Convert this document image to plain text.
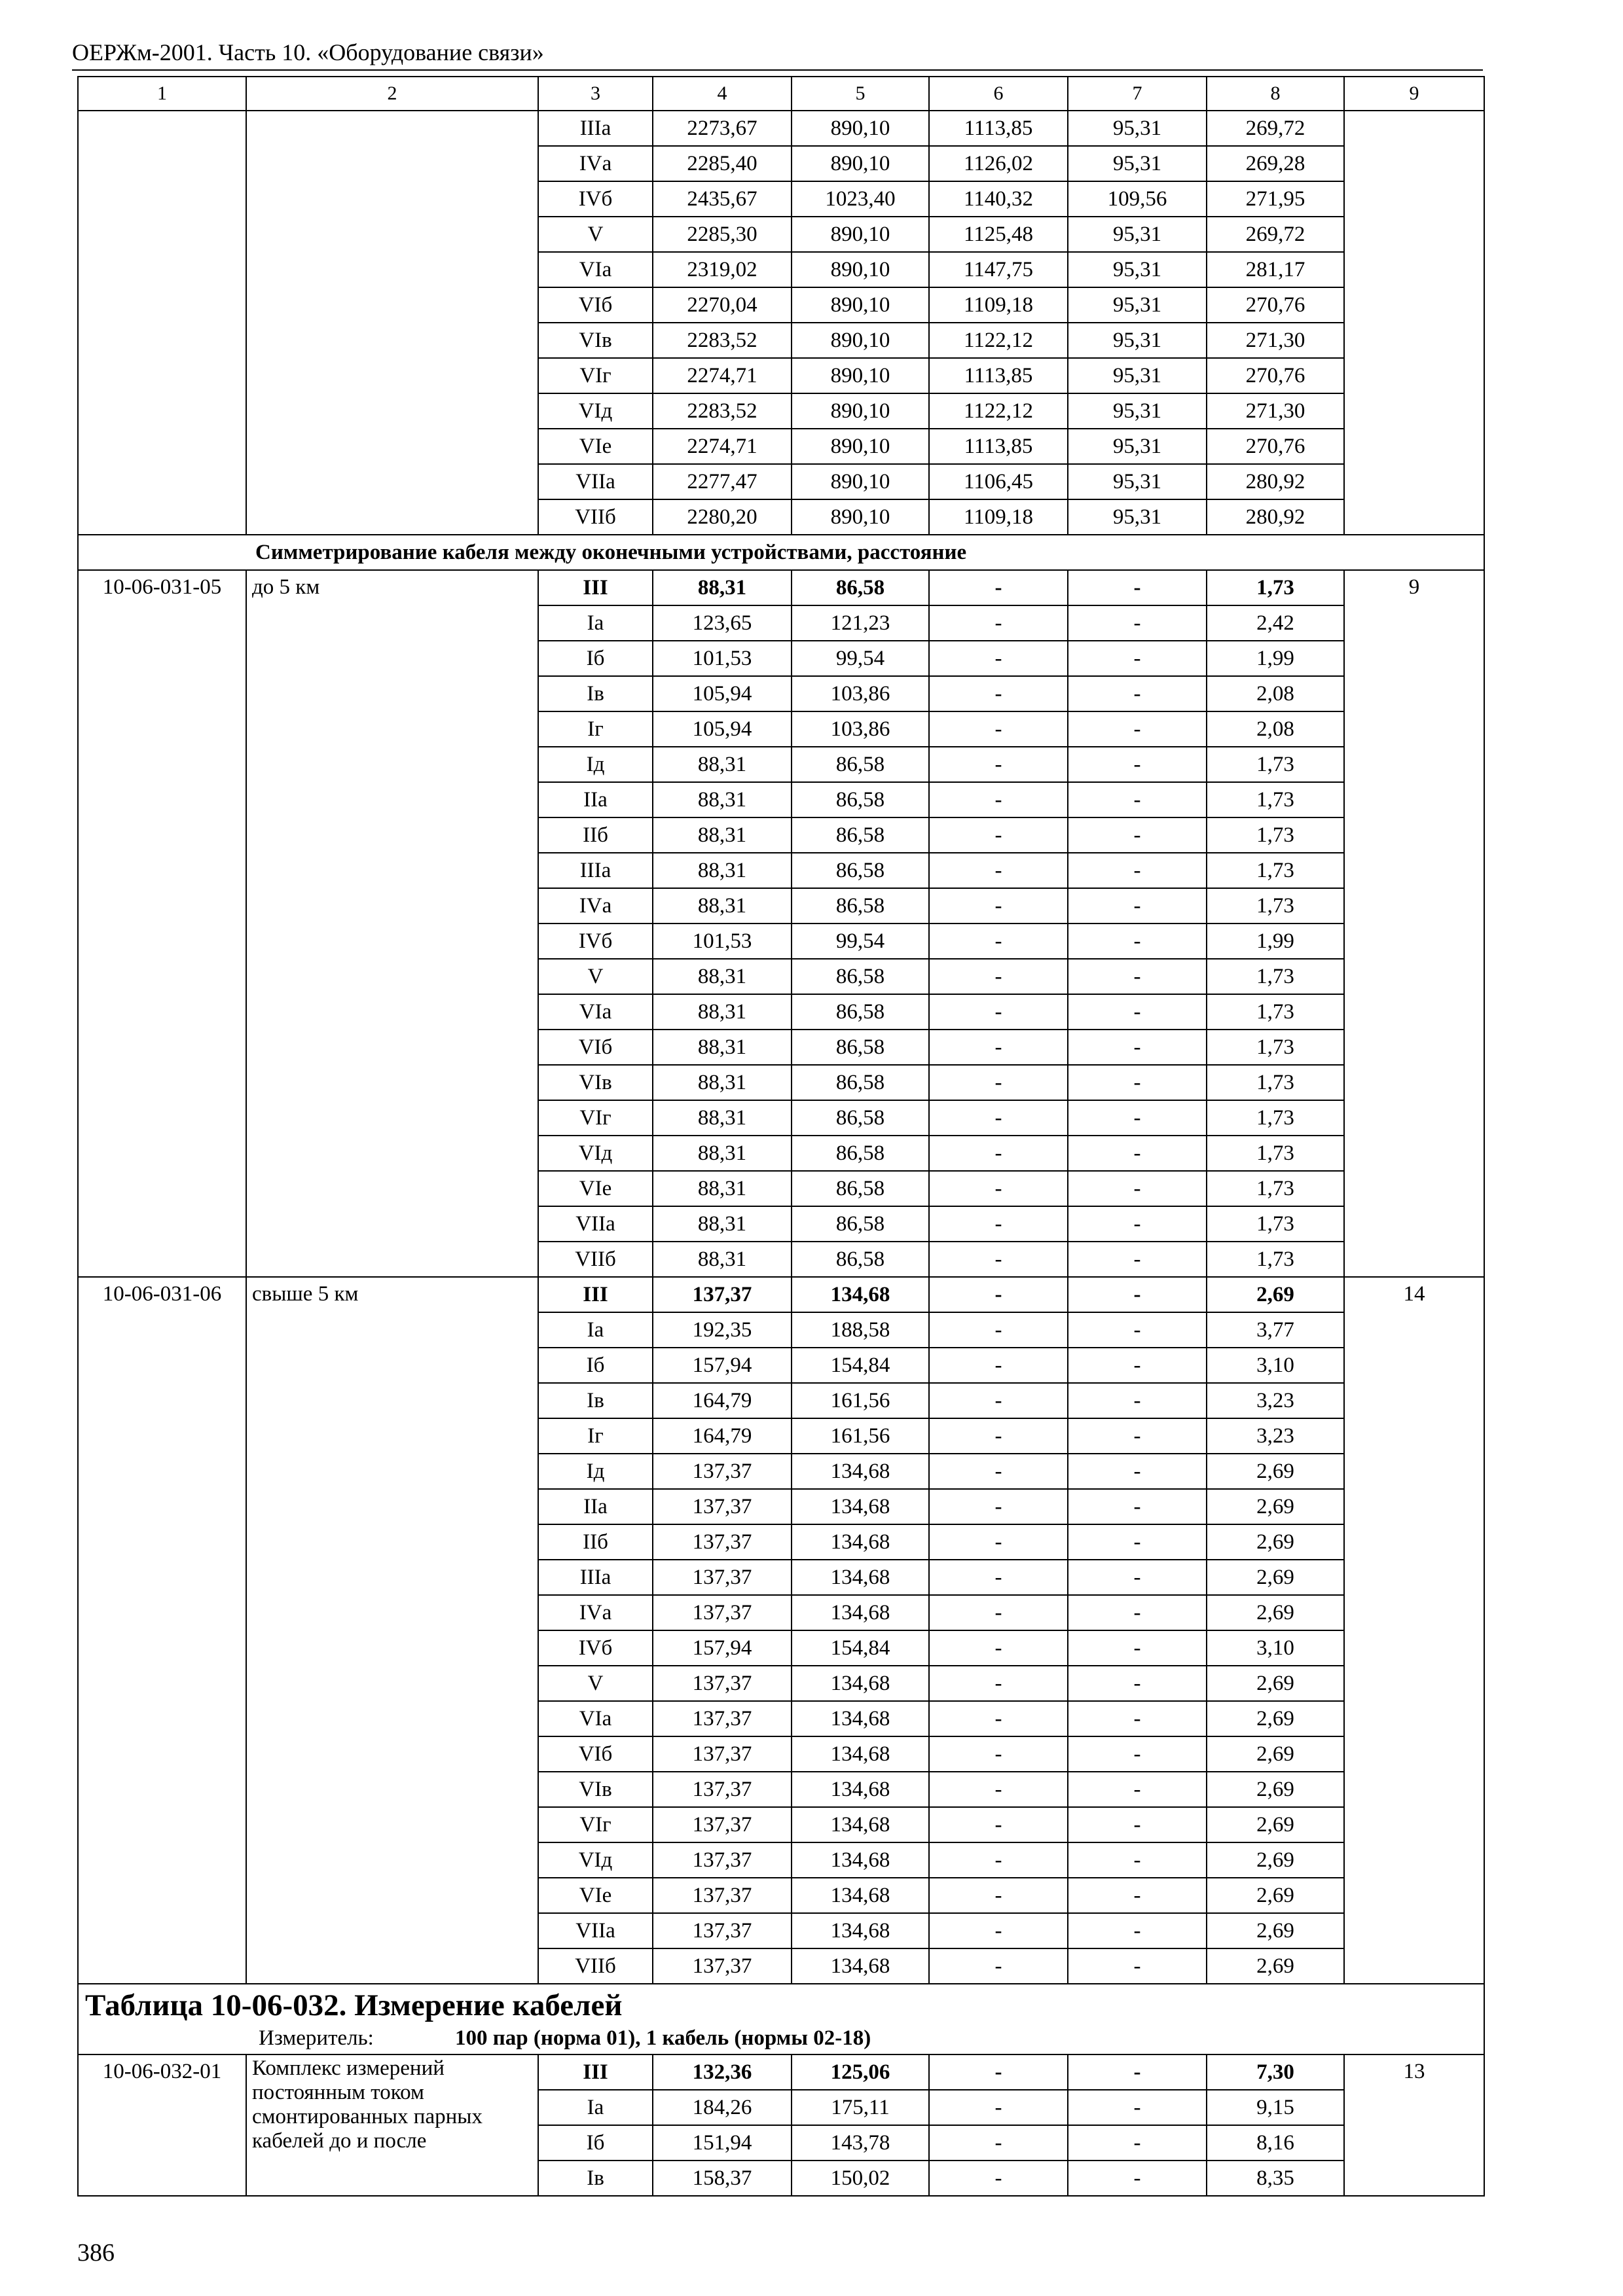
ОЕРЖм-2001. Часть 10. «Оборудование связи»
1	2	3	4	5	6	7	8	9
		IIIа	2273,67	890,10	1113,85	95,31	269,72	
		IVа	2285,40	890,10	1126,02	95,31	269,28	
		IVб	2435,67	1023,40	1140,32	109,56	271,95	
		V	2285,30	890,10	1125,48	95,31	269,72	
		VIа	2319,02	890,10	1147,75	95,31	281,17	
		VIб	2270,04	890,10	1109,18	95,31	270,76	
		VIв	2283,52	890,10	1122,12	95,31	271,30	
		VIг	2274,71	890,10	1113,85	95,31	270,76	
		VIд	2283,52	890,10	1122,12	95,31	271,30	
		VIе	2274,71	890,10	1113,85	95,31	270,76	
		VIIа	2277,47	890,10	1106,45	95,31	280,92	
		VIIб	2280,20	890,10	1109,18	95,31	280,92	
Симметрирование кабеля между оконечными устройствами, расстояние								
10-06-031-05	до 5 км	III	88,31	86,58	-	-	1,73	9
		Iа	123,65	121,23	-	-	2,42	
		Iб	101,53	99,54	-	-	1,99	
		Iв	105,94	103,86	-	-	2,08	
		Iг	105,94	103,86	-	-	2,08	
		Iд	88,31	86,58	-	-	1,73	
		IIа	88,31	86,58	-	-	1,73	
		IIб	88,31	86,58	-	-	1,73	
		IIIа	88,31	86,58	-	-	1,73	
		IVа	88,31	86,58	-	-	1,73	
		IVб	101,53	99,54	-	-	1,99	
		V	88,31	86,58	-	-	1,73	
		VIа	88,31	86,58	-	-	1,73	
		VIб	88,31	86,58	-	-	1,73	
		VIв	88,31	86,58	-	-	1,73	
		VIг	88,31	86,58	-	-	1,73	
		VIд	88,31	86,58	-	-	1,73	
		VIе	88,31	86,58	-	-	1,73	
		VIIа	88,31	86,58	-	-	1,73	
		VIIб	88,31	86,58	-	-	1,73	
10-06-031-06	свыше 5 км	III	137,37	134,68	-	-	2,69	14
		Iа	192,35	188,58	-	-	3,77	
		Iб	157,94	154,84	-	-	3,10	
		Iв	164,79	161,56	-	-	3,23	
		Iг	164,79	161,56	-	-	3,23	
		Iд	137,37	134,68	-	-	2,69	
		IIа	137,37	134,68	-	-	2,69	
		IIб	137,37	134,68	-	-	2,69	
		IIIа	137,37	134,68	-	-	2,69	
		IVа	137,37	134,68	-	-	2,69	
		IVб	157,94	154,84	-	-	3,10	
		V	137,37	134,68	-	-	2,69	
		VIа	137,37	134,68	-	-	2,69	
		VIб	137,37	134,68	-	-	2,69	
		VIв	137,37	134,68	-	-	2,69	
		VIг	137,37	134,68	-	-	2,69	
		VIд	137,37	134,68	-	-	2,69	
		VIе	137,37	134,68	-	-	2,69	
		VIIа	137,37	134,68	-	-	2,69	
		VIIб	137,37	134,68	-	-	2,69	

Таблица 10-06-032. Измерение кабелей
Измеритель: 100 пар (норма 01), 1 кабель (нормы 02-18)								

10-06-032-01	Комплекс измерений постоянным током смонтированных парных кабелей до и после	III	132,36	125,06	-	-	7,30	13
		Iа	184,26	175,11	-	-	9,15	
		Iб	151,94	143,78	-	-	8,16	
		Iв	158,37	150,02	-	-	8,35	
386
